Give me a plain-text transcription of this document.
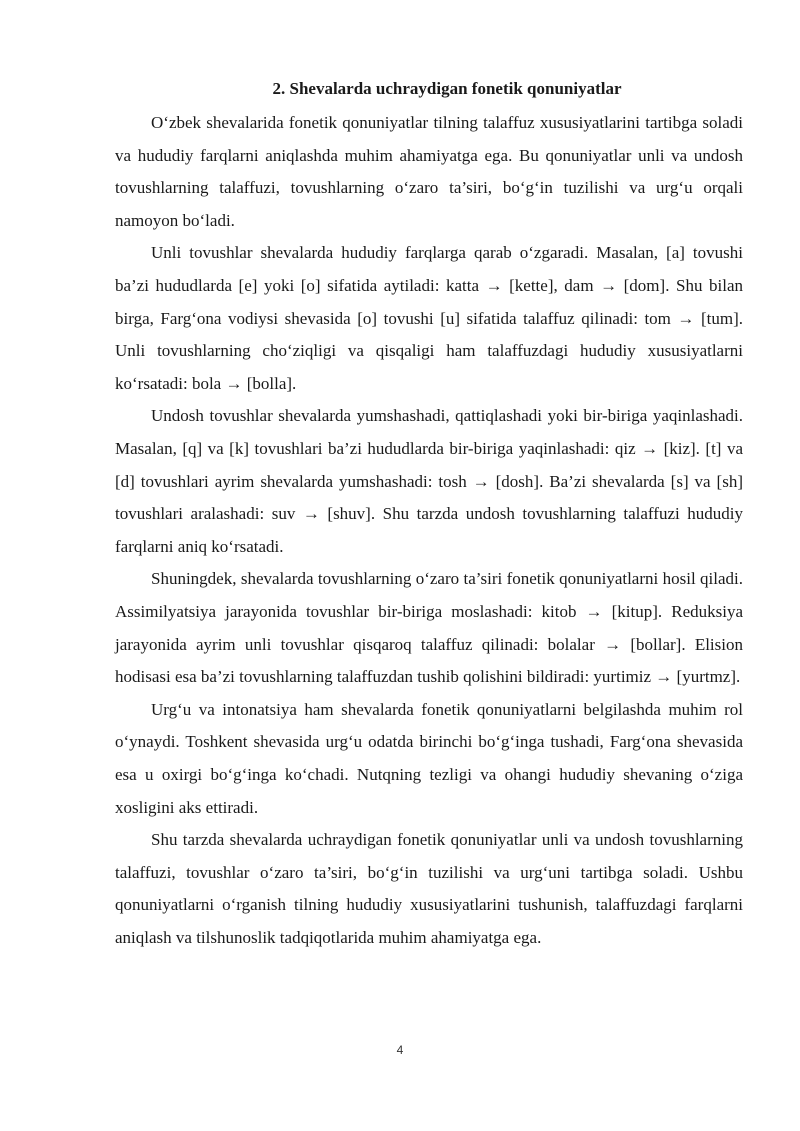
2. Shevalarda uchraydigan fonetik qonuniyatlar

O‘zbek shevalarida fonetik qonuniyatlar tilning talaffuz xususiyatlarini tartibga soladi va hududiy farqlarni aniqlashda muhim ahamiyatga ega. Bu qonuniyatlar unli va undosh tovushlarning talaffuzi, tovushlarning o‘zaro ta’siri, bo‘g‘in tuzilishi va urg‘u orqali namoyon bo‘ladi.

Unli tovushlar shevalarda hududiy farqlarga qarab o‘zgaradi. Masalan, [a] tovushi ba’zi hududlarda [e] yoki [o] sifatida aytiladi: katta → [kette], dam → [dom]. Shu bilan birga, Farg‘ona vodiysi shevasida [o] tovushi [u] sifatida talaffuz qilinadi: tom → [tum]. Unli tovushlarning cho‘ziqligi va qisqaligi ham talaffuzdagi hududiy xususiyatlarni ko‘rsatadi: bola → [bolla].

Undosh tovushlar shevalarda yumshashadi, qattiqlashadi yoki bir-biriga yaqinlashadi. Masalan, [q] va [k] tovushlari ba’zi hududlarda bir-biriga yaqinlashadi: qiz → [kiz]. [t] va [d] tovushlari ayrim shevalarda yumshashadi: tosh → [dosh]. Ba’zi shevalarda [s] va [sh] tovushlari aralashadi: suv → [shuv]. Shu tarzda undosh tovushlarning talaffuzi hududiy farqlarni aniq ko‘rsatadi.

Shuningdek, shevalarda tovushlarning o‘zaro ta’siri fonetik qonuniyatlarni hosil qiladi. Assimilyatsiya jarayonida tovushlar bir-biriga moslashadi: kitob → [kitup]. Reduksiya jarayonida ayrim unli tovushlar qisqaroq talaffuz qilinadi: bolalar → [bollar]. Elision hodisasi esa ba’zi tovushlarning talaffuzdan tushib qolishini bildiradi: yurtimiz → [yurtmz].

Urg‘u va intonatsiya ham shevalarda fonetik qonuniyatlarni belgilashda muhim rol o‘ynaydi. Toshkent shevasida urg‘u odatda birinchi bo‘g‘inga tushadi, Farg‘ona shevasida esa u oxirgi bo‘g‘inga ko‘chadi. Nutqning tezligi va ohangi hududiy shevaning o‘ziga xosligini aks ettiradi.

Shu tarzda shevalarda uchraydigan fonetik qonuniyatlar unli va undosh tovushlarning talaffuzi, tovushlar o‘zaro ta’siri, bo‘g‘in tuzilishi va urg‘uni tartibga soladi. Ushbu qonuniyatlarni o‘rganish tilning hududiy xususiyatlarini tushunish, talaffuzdagi farqlarni aniqlash va tilshunoslik tadqiqotlarida muhim ahamiyatga ega.

4
